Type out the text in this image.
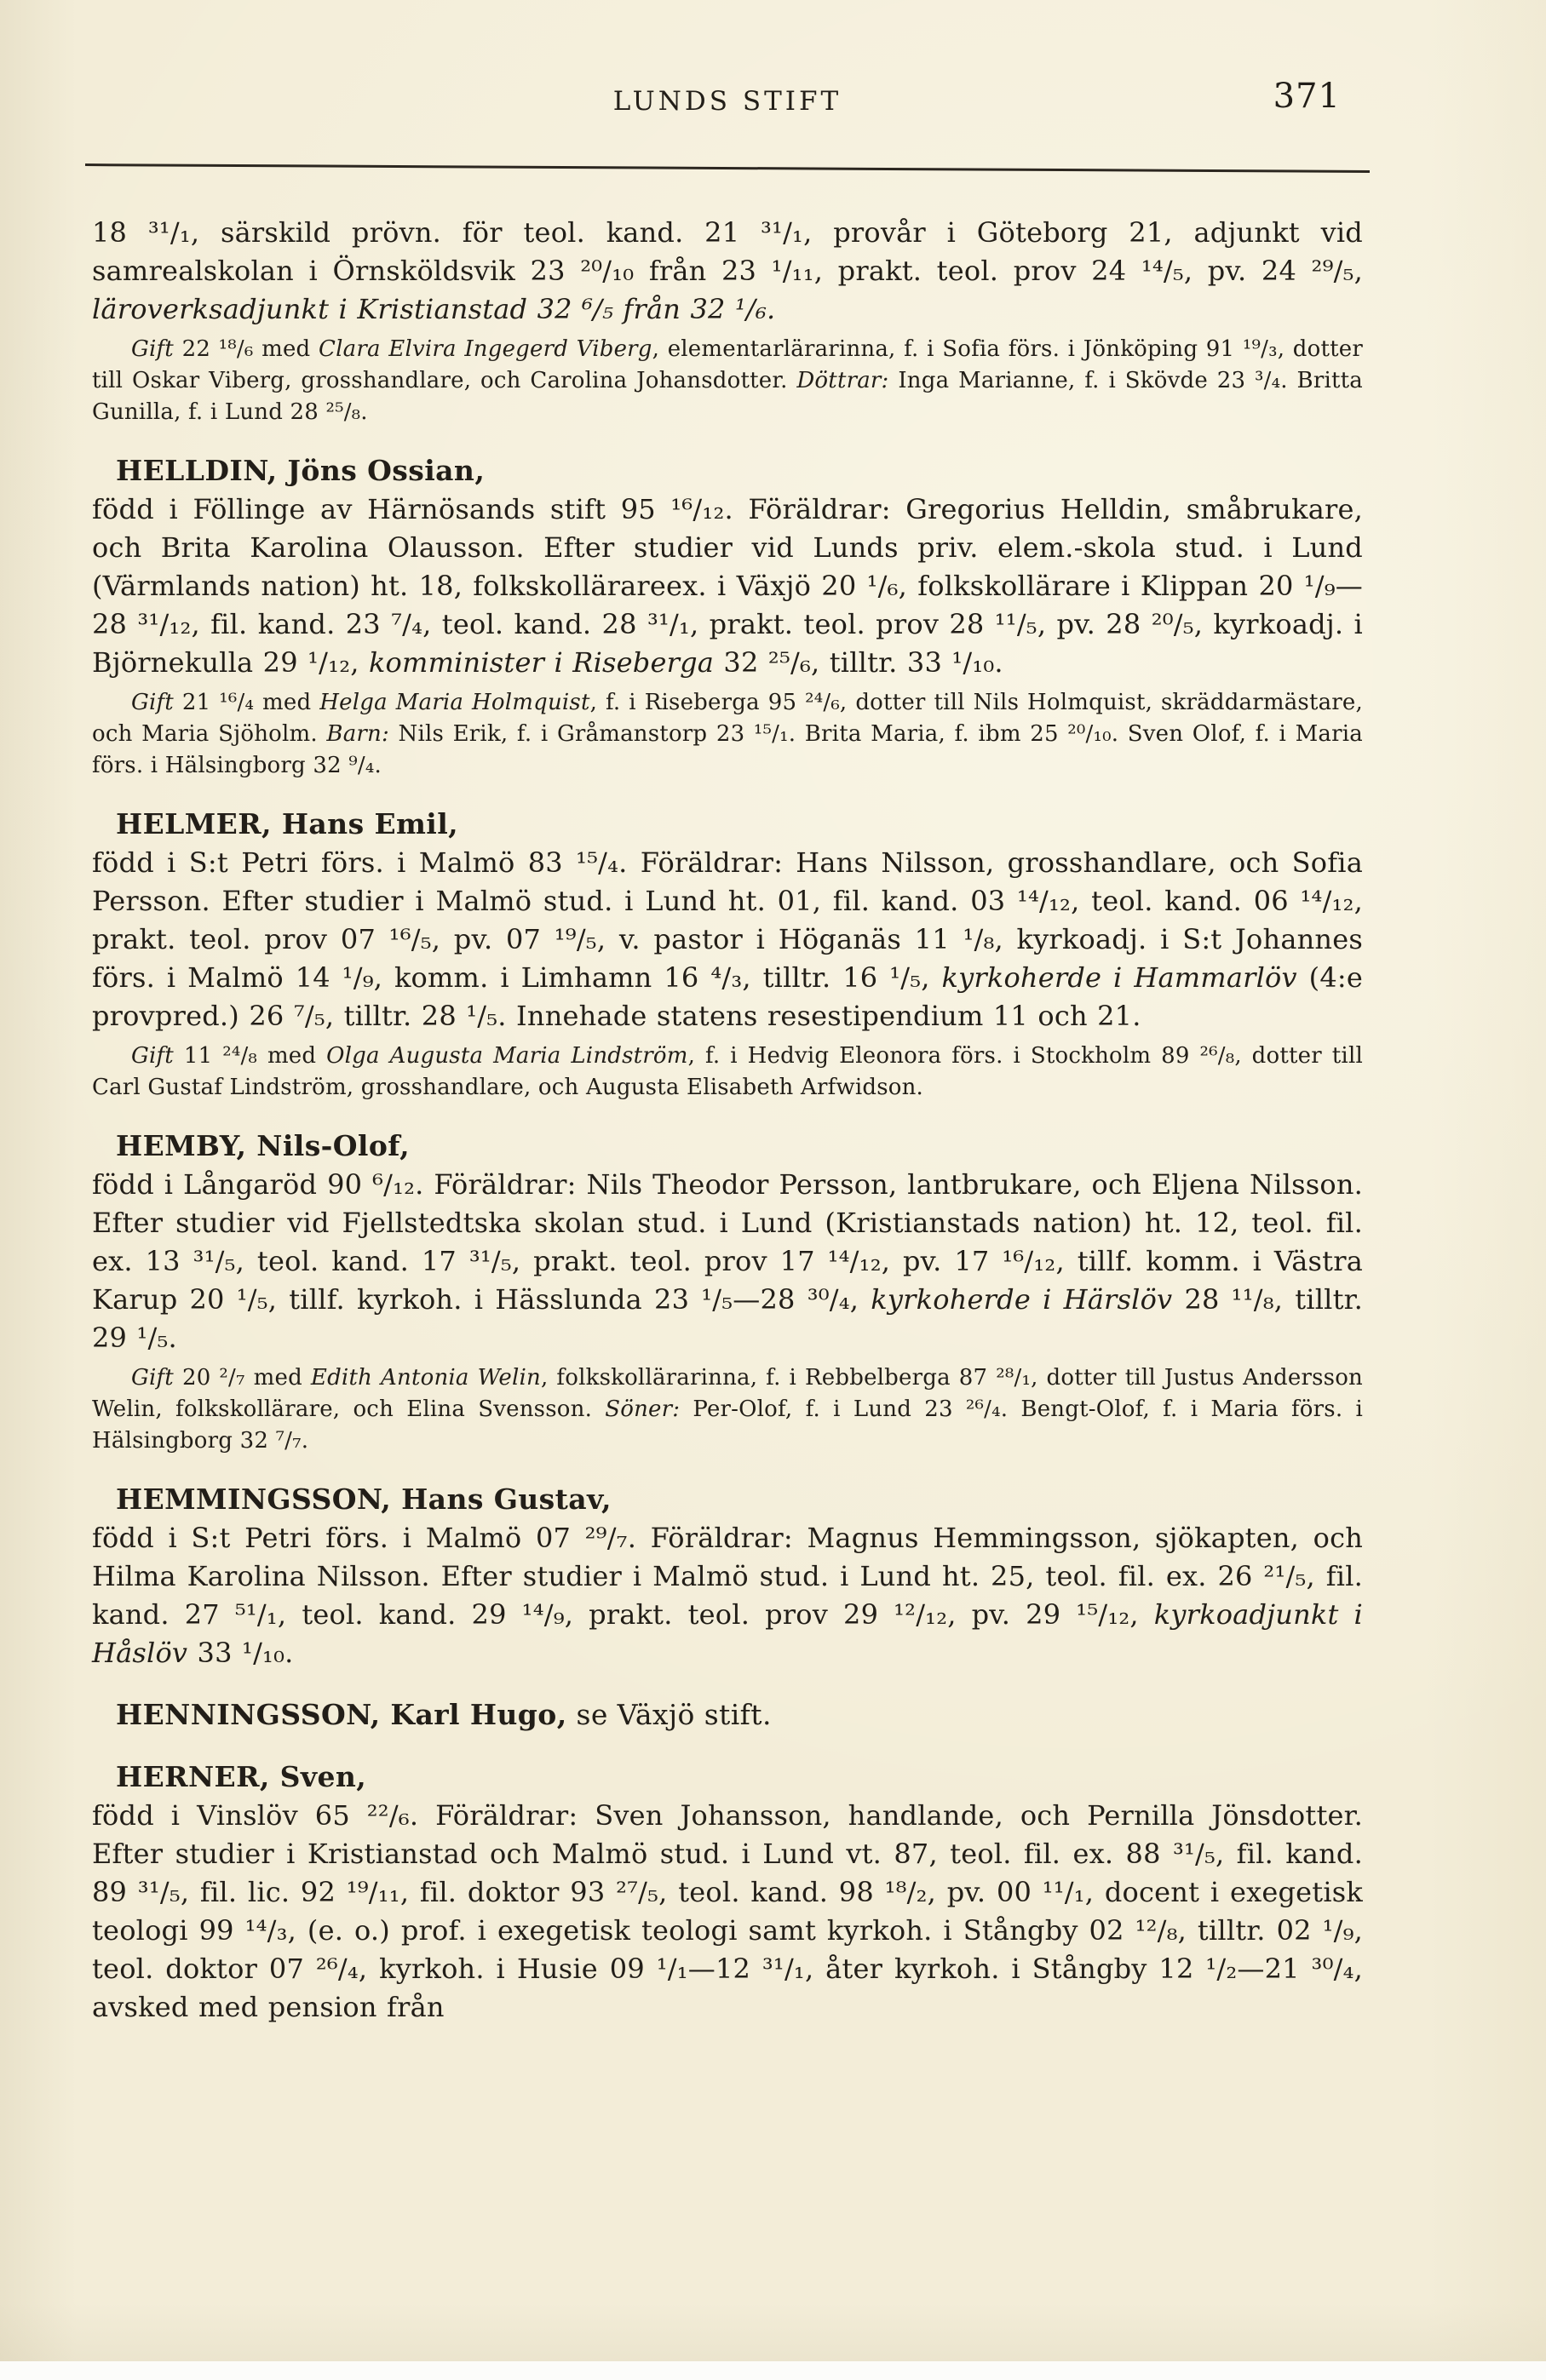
LUNDS STIFT	371

18 ³¹/₁, särskild prövn. för teol. kand. 21 ³¹/₁, provår i Göteborg 21, adjunkt vid samrealskolan i Örnsköldsvik 23 ²⁰/₁₀ från 23 ¹/₁₁, prakt. teol. prov 24 ¹⁴/₅, pv. 24 ²⁹/₅, läroverksadjunkt i Kristianstad 32 ⁶/₅ från 32 ¹/₆.

Gift 22 ¹⁸/₆ med Clara Elvira Ingegerd Viberg, elementarlärarinna, f. i Sofia förs. i Jönköping 91 ¹⁹/₃, dotter till Oskar Viberg, grosshandlare, och Carolina Johansdotter. Döttrar: Inga Marianne, f. i Skövde 23 ³/₄. Britta Gunilla, f. i Lund 28 ²⁵/₈.

HELLDIN, Jöns Ossian,

född i Föllinge av Härnösands stift 95 ¹⁶/₁₂. Föräldrar: Gregorius Helldin, småbrukare, och Brita Karolina Olausson. Efter studier vid Lunds priv. elem.-skola stud. i Lund (Värmlands nation) ht. 18, folkskollärareex. i Växjö 20 ¹/₆, folkskollärare i Klippan 20 ¹/₉—28 ³¹/₁₂, fil. kand. 23 ⁷/₄, teol. kand. 28 ³¹/₁, prakt. teol. prov 28 ¹¹/₅, pv. 28 ²⁰/₅, kyrkoadj. i Björnekulla 29 ¹/₁₂, komminister i Riseberga 32 ²⁵/₆, tilltr. 33 ¹/₁₀.

Gift 21 ¹⁶/₄ med Helga Maria Holmquist, f. i Riseberga 95 ²⁴/₆, dotter till Nils Holmquist, skräddarmästare, och Maria Sjöholm. Barn: Nils Erik, f. i Gråmanstorp 23 ¹⁵/₁. Brita Maria, f. ibm 25 ²⁰/₁₀. Sven Olof, f. i Maria förs. i Hälsingborg 32 ⁹/₄.

HELMER, Hans Emil,

född i S:t Petri förs. i Malmö 83 ¹⁵/₄. Föräldrar: Hans Nilsson, grosshandlare, och Sofia Persson. Efter studier i Malmö stud. i Lund ht. 01, fil. kand. 03 ¹⁴/₁₂, teol. kand. 06 ¹⁴/₁₂, prakt. teol. prov 07 ¹⁶/₅, pv. 07 ¹⁹/₅, v. pastor i Höganäs 11 ¹/₈, kyrkoadj. i S:t Johannes förs. i Malmö 14 ¹/₉, komm. i Limhamn 16 ⁴/₃, tilltr. 16 ¹/₅, kyrkoherde i Hammarlöv (4:e provpred.) 26 ⁷/₅, tilltr. 28 ¹/₅. Innehade statens resestipendium 11 och 21.

Gift 11 ²⁴/₈ med Olga Augusta Maria Lindström, f. i Hedvig Eleonora förs. i Stockholm 89 ²⁶/₈, dotter till Carl Gustaf Lindström, grosshandlare, och Augusta Elisabeth Arfwidson.

HEMBY, Nils-Olof,

född i Långaröd 90 ⁶/₁₂. Föräldrar: Nils Theodor Persson, lantbrukare, och Eljena Nilsson. Efter studier vid Fjellstedtska skolan stud. i Lund (Kristianstads nation) ht. 12, teol. fil. ex. 13 ³¹/₅, teol. kand. 17 ³¹/₅, prakt. teol. prov 17 ¹⁴/₁₂, pv. 17 ¹⁶/₁₂, tillf. komm. i Västra Karup 20 ¹/₅, tillf. kyrkoh. i Hässlunda 23 ¹/₅—28 ³⁰/₄, kyrkoherde i Härslöv 28 ¹¹/₈, tilltr. 29 ¹/₅.

Gift 20 ²/₇ med Edith Antonia Welin, folkskollärarinna, f. i Rebbelberga 87 ²⁸/₁, dotter till Justus Andersson Welin, folkskollärare, och Elina Svensson. Söner: Per-Olof, f. i Lund 23 ²⁶/₄. Bengt-Olof, f. i Maria förs. i Hälsingborg 32 ⁷/₇.

HEMMINGSSON, Hans Gustav,

född i S:t Petri förs. i Malmö 07 ²⁹/₇. Föräldrar: Magnus Hemmingsson, sjökapten, och Hilma Karolina Nilsson. Efter studier i Malmö stud. i Lund ht. 25, teol. fil. ex. 26 ²¹/₅, fil. kand. 27 ⁵¹/₁, teol. kand. 29 ¹⁴/₉, prakt. teol. prov 29 ¹²/₁₂, pv. 29 ¹⁵/₁₂, kyrkoadjunkt i Håslöv 33 ¹/₁₀.

HENNINGSSON, Karl Hugo, se Växjö stift.
HERNER, Sven,

född i Vinslöv 65 ²²/₆. Föräldrar: Sven Johansson, handlande, och Pernilla Jönsdotter. Efter studier i Kristianstad och Malmö stud. i Lund vt. 87, teol. fil. ex. 88 ³¹/₅, fil. kand. 89 ³¹/₅, fil. lic. 92 ¹⁹/₁₁, fil. doktor 93 ²⁷/₅, teol. kand. 98 ¹⁸/₂, pv. 00 ¹¹/₁, docent i exegetisk teologi 99 ¹⁴/₃, (e. o.) prof. i exegetisk teologi samt kyrkoh. i Stångby 02 ¹²/₈, tilltr. 02 ¹/₉, teol. doktor 07 ²⁶/₄, kyrkoh. i Husie 09 ¹/₁—12 ³¹/₁, åter kyrkoh. i Stångby 12 ¹/₂—21 ³⁰/₄, avsked med pension från
